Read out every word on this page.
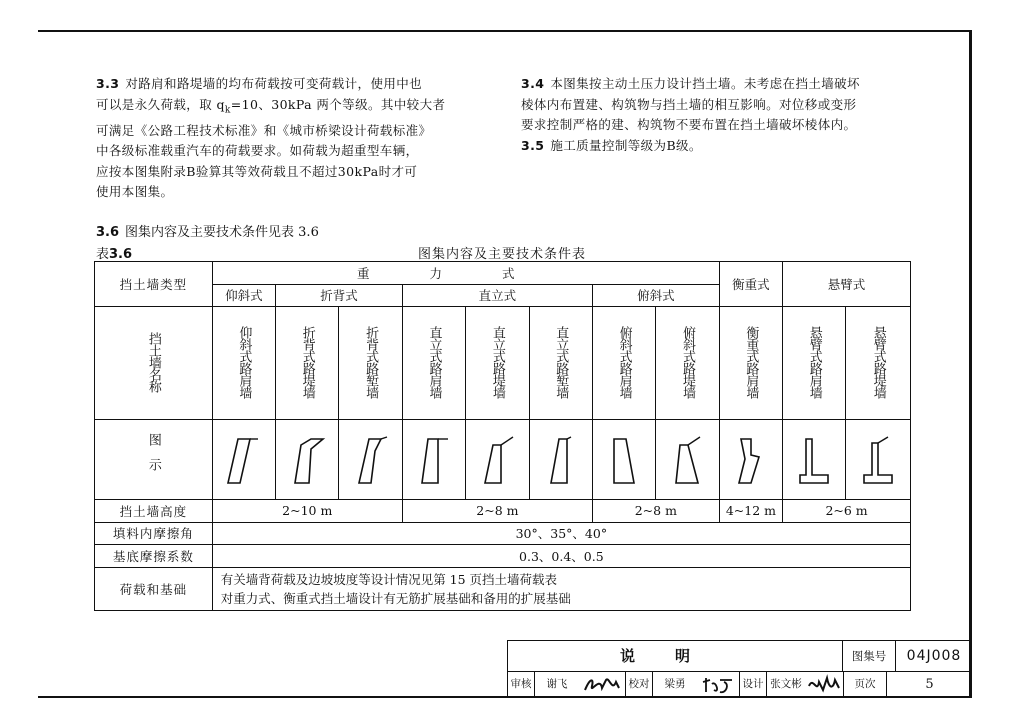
3.3 对路肩和路堤墙的均布荷载按可变荷载计，使用中也
可以是永久荷载，取 $q_k=10$、30kPa 两个等级。其中较大者
可满足《公路工程技术标准》和《城市桥梁设计荷载标准》
中各级标准载重汽车的荷载要求。如荷载为超重型车辆，
应按本图集附录B验算其等效荷载且不超过30kPa时才可
使用本图集。
3.4 本图集按主动土压力设计挡土墙。未考虑在挡土墙破坏
棱体内布置建、构筑物与挡土墙的相互影响。对位移或变形
要求控制严格的建、构筑物不要布置在挡土墙破坏棱体内。
3.5 施工质量控制等级为B级。
3.6 图集内容及主要技术条件见表 3.6
表3.6	图集内容及主要技术条件表
挡土墙类型	重力式								衡重式	悬臂式	
	仰斜式	折背式		直立式			俯斜式				
挡土墙名称	仰斜式路肩墙	折背式路堤墙	折背式路堑墙	直立式路肩墙	直立式路堤墙	直立式路堑墙	俯斜式路肩墙	俯斜式路堤墙	衡重式路肩墙	悬臂式路肩墙	悬臂式路堤墙
图示	

挡土墙高度	2~10 m			2~8 m			2~8 m		4~12 m	2~6 m	
填料内摩擦角	30°、35°、40°										
基底摩擦系数	0.3、0.4、0.5										
荷载和基础	有关墙背荷载及边坡坡度等设计情况见第 15 页挡土墙荷载表
对重力式、衡重式挡土墙设计有无筋扩展基础和备用的扩展基础										
说明	图集号	04J008
审核	谢飞	校对	梁勇	设计 张文彬	页次	5
